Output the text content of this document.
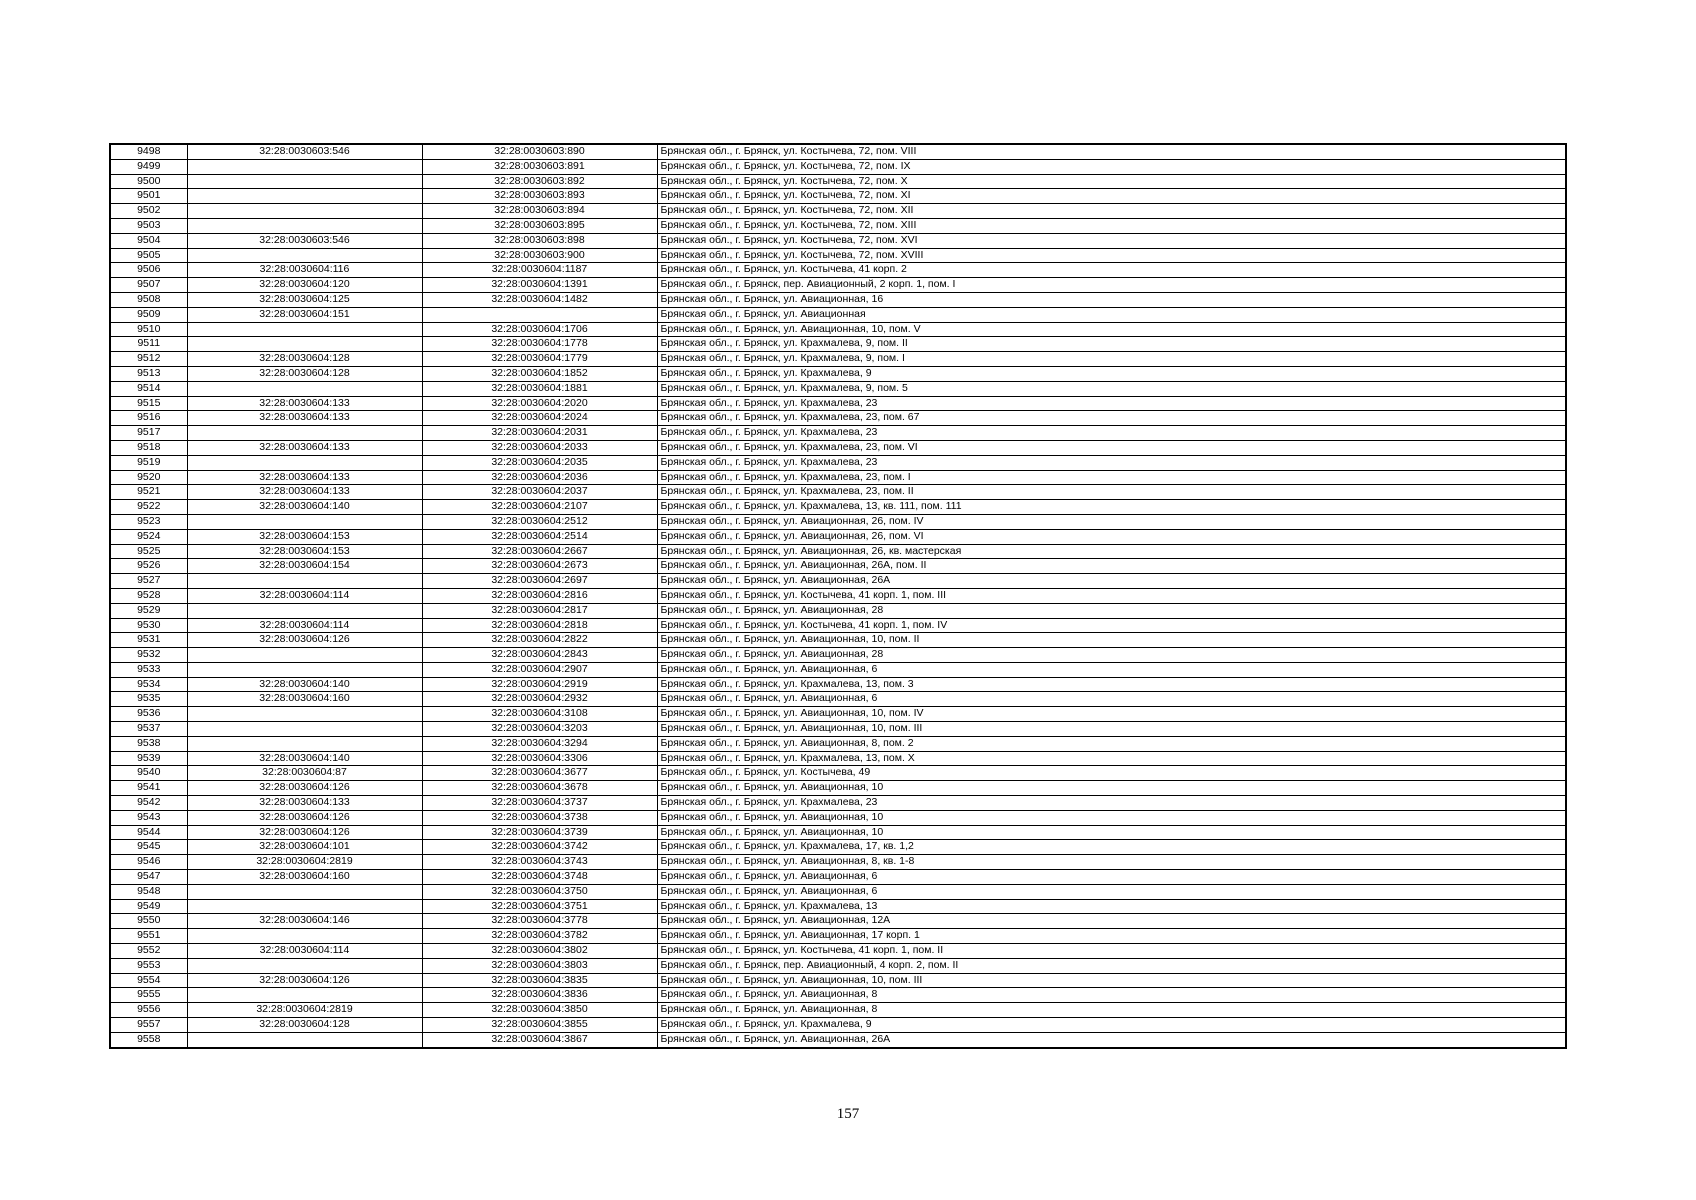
9498	32:28:0030603:546	32:28:0030603:890	Брянская обл., г. Брянск, ул. Костычева, 72, пом. VIII
9499		32:28:0030603:891	Брянская обл., г. Брянск, ул. Костычева, 72, пом. IX
9500		32:28:0030603:892	Брянская обл., г. Брянск, ул. Костычева, 72, пом. X
9501		32:28:0030603:893	Брянская обл., г. Брянск, ул. Костычева, 72, пом. XI
9502		32:28:0030603:894	Брянская обл., г. Брянск, ул. Костычева, 72, пом. XII
9503		32:28:0030603:895	Брянская обл., г. Брянск, ул. Костычева, 72, пом. XIII
9504	32:28:0030603:546	32:28:0030603:898	Брянская обл., г. Брянск, ул. Костычева, 72, пом. XVI
9505		32:28:0030603:900	Брянская обл., г. Брянск, ул. Костычева, 72, пом. XVIII
9506	32:28:0030604:116	32:28:0030604:1187	Брянская обл., г. Брянск, ул. Костычева, 41 корп. 2
9507	32:28:0030604:120	32:28:0030604:1391	Брянская обл., г. Брянск, пер. Авиационный, 2 корп. 1, пом. I
9508	32:28:0030604:125	32:28:0030604:1482	Брянская обл., г. Брянск, ул. Авиационная, 16
9509	32:28:0030604:151		Брянская обл., г. Брянск, ул. Авиационная
9510		32:28:0030604:1706	Брянская обл., г. Брянск, ул. Авиационная, 10, пом. V
9511		32:28:0030604:1778	Брянская обл., г. Брянск, ул. Крахмалева, 9, пом. II
9512	32:28:0030604:128	32:28:0030604:1779	Брянская обл., г. Брянск, ул. Крахмалева, 9, пом. I
9513	32:28:0030604:128	32:28:0030604:1852	Брянская обл., г. Брянск, ул. Крахмалева, 9
9514		32:28:0030604:1881	Брянская обл., г. Брянск, ул. Крахмалева, 9, пом. 5
9515	32:28:0030604:133	32:28:0030604:2020	Брянская обл., г. Брянск, ул. Крахмалева, 23
9516	32:28:0030604:133	32:28:0030604:2024	Брянская обл., г. Брянск, ул. Крахмалева, 23, пом. 67
9517		32:28:0030604:2031	Брянская обл., г. Брянск, ул. Крахмалева, 23
9518	32:28:0030604:133	32:28:0030604:2033	Брянская обл., г. Брянск, ул. Крахмалева, 23, пом. VI
9519		32:28:0030604:2035	Брянская обл., г. Брянск, ул. Крахмалева, 23
9520	32:28:0030604:133	32:28:0030604:2036	Брянская обл., г. Брянск, ул. Крахмалева, 23, пом. I
9521	32:28:0030604:133	32:28:0030604:2037	Брянская обл., г. Брянск, ул. Крахмалева, 23, пом. II
9522	32:28:0030604:140	32:28:0030604:2107	Брянская обл., г. Брянск, ул. Крахмалева, 13, кв. 111, пом. 111
9523		32:28:0030604:2512	Брянская обл., г. Брянск, ул. Авиационная, 26, пом. IV
9524	32:28:0030604:153	32:28:0030604:2514	Брянская обл., г. Брянск, ул. Авиационная, 26, пом. VI
9525	32:28:0030604:153	32:28:0030604:2667	Брянская обл., г. Брянск, ул. Авиационная, 26, кв. мастерская
9526	32:28:0030604:154	32:28:0030604:2673	Брянская обл., г. Брянск, ул. Авиационная, 26А, пом. II
9527		32:28:0030604:2697	Брянская обл., г. Брянск, ул. Авиационная, 26А
9528	32:28:0030604:114	32:28:0030604:2816	Брянская обл., г. Брянск, ул. Костычева, 41 корп. 1, пом. III
9529		32:28:0030604:2817	Брянская обл., г. Брянск, ул. Авиационная, 28
9530	32:28:0030604:114	32:28:0030604:2818	Брянская обл., г. Брянск, ул. Костычева, 41 корп. 1, пом. IV
9531	32:28:0030604:126	32:28:0030604:2822	Брянская обл., г. Брянск, ул. Авиационная, 10, пом. II
9532		32:28:0030604:2843	Брянская обл., г. Брянск, ул. Авиационная, 28
9533		32:28:0030604:2907	Брянская обл., г. Брянск, ул. Авиационная, 6
9534	32:28:0030604:140	32:28:0030604:2919	Брянская обл., г. Брянск, ул. Крахмалева, 13, пом. 3
9535	32:28:0030604:160	32:28:0030604:2932	Брянская обл., г. Брянск, ул. Авиационная, 6
9536		32:28:0030604:3108	Брянская обл., г. Брянск, ул. Авиационная, 10, пом. IV
9537		32:28:0030604:3203	Брянская обл., г. Брянск, ул. Авиационная, 10, пом. III
9538		32:28:0030604:3294	Брянская обл., г. Брянск, ул. Авиационная, 8, пом. 2
9539	32:28:0030604:140	32:28:0030604:3306	Брянская обл., г. Брянск, ул. Крахмалева, 13, пом. X
9540	32:28:0030604:87	32:28:0030604:3677	Брянская обл., г. Брянск, ул. Костычева, 49
9541	32:28:0030604:126	32:28:0030604:3678	Брянская обл., г. Брянск, ул. Авиационная, 10
9542	32:28:0030604:133	32:28:0030604:3737	Брянская обл., г. Брянск, ул. Крахмалева, 23
9543	32:28:0030604:126	32:28:0030604:3738	Брянская обл., г. Брянск, ул. Авиационная, 10
9544	32:28:0030604:126	32:28:0030604:3739	Брянская обл., г. Брянск, ул. Авиационная, 10
9545	32:28:0030604:101	32:28:0030604:3742	Брянская обл., г. Брянск, ул. Крахмалева, 17, кв. 1,2
9546	32:28:0030604:2819	32:28:0030604:3743	Брянская обл., г. Брянск, ул. Авиационная, 8, кв. 1-8
9547	32:28:0030604:160	32:28:0030604:3748	Брянская обл., г. Брянск, ул. Авиационная, 6
9548		32:28:0030604:3750	Брянская обл., г. Брянск, ул. Авиационная, 6
9549		32:28:0030604:3751	Брянская обл., г. Брянск, ул. Крахмалева, 13
9550	32:28:0030604:146	32:28:0030604:3778	Брянская обл., г. Брянск, ул. Авиационная, 12А
9551		32:28:0030604:3782	Брянская обл., г. Брянск, ул. Авиационная, 17 корп. 1
9552	32:28:0030604:114	32:28:0030604:3802	Брянская обл., г. Брянск, ул. Костычева, 41 корп. 1, пом. II
9553		32:28:0030604:3803	Брянская обл., г. Брянск, пер. Авиационный, 4 корп. 2, пом. II
9554	32:28:0030604:126	32:28:0030604:3835	Брянская обл., г. Брянск, ул. Авиационная, 10, пом. III
9555		32:28:0030604:3836	Брянская обл., г. Брянск, ул. Авиационная, 8
9556	32:28:0030604:2819	32:28:0030604:3850	Брянская обл., г. Брянск, ул. Авиационная, 8
9557	32:28:0030604:128	32:28:0030604:3855	Брянская обл., г. Брянск, ул. Крахмалева, 9
9558		32:28:0030604:3867	Брянская обл., г. Брянск, ул. Авиационная, 26А
157
